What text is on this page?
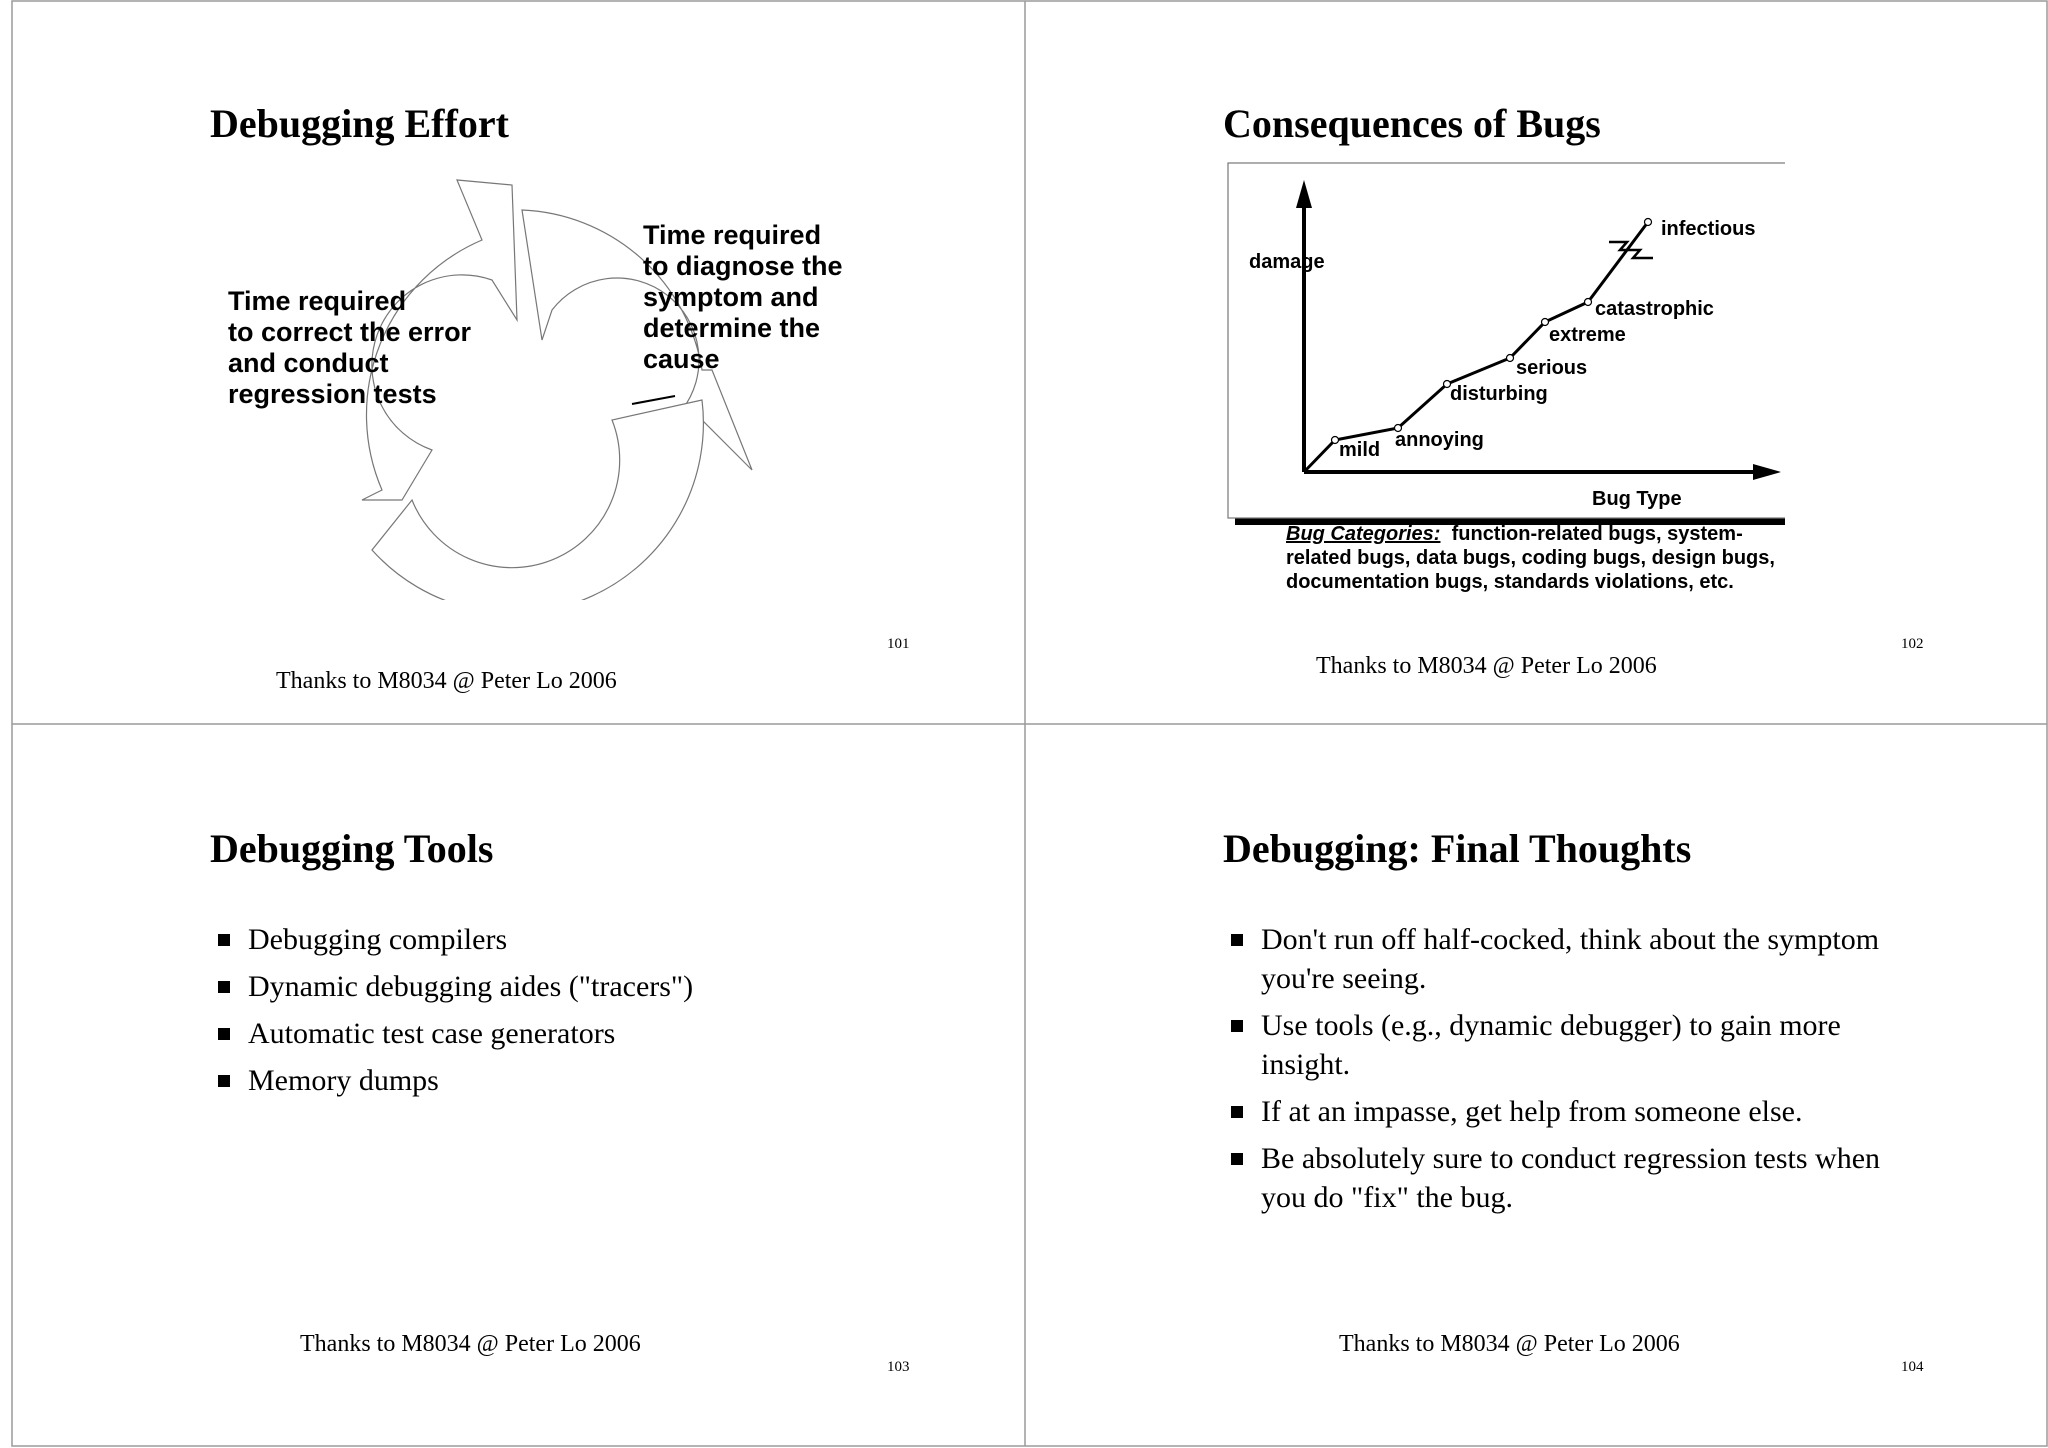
Debugging Effort
Time required
to correct the error
and conduct
regression tests
Time required
to diagnose the
symptom and
determine the
cause
Thanks to M8034 @ Peter Lo 2006
101
Consequences of Bugs
damage
Bug Type
mild annoying
disturbing
serious
extreme
catastrophic
infectious
Bug Categories: function-related bugs, system-related bugs, data bugs, coding bugs, design bugs, documentation bugs, standards violations, etc.
Thanks to M8034 @ Peter Lo 2006
102
Debugging Tools
Debugging compilers
Dynamic debugging aides ("tracers")
Automatic test case generators
Memory dumps
Thanks to M8034 @ Peter Lo 2006
103
Debugging: Final Thoughts
Don't run off half-cocked, think about the symptom you're seeing.
Use tools (e.g., dynamic debugger) to gain more insight.
If at an impasse, get help from someone else.
Be absolutely sure to conduct regression tests when you do "fix" the bug.
Thanks to M8034 @ Peter Lo 2006
104
